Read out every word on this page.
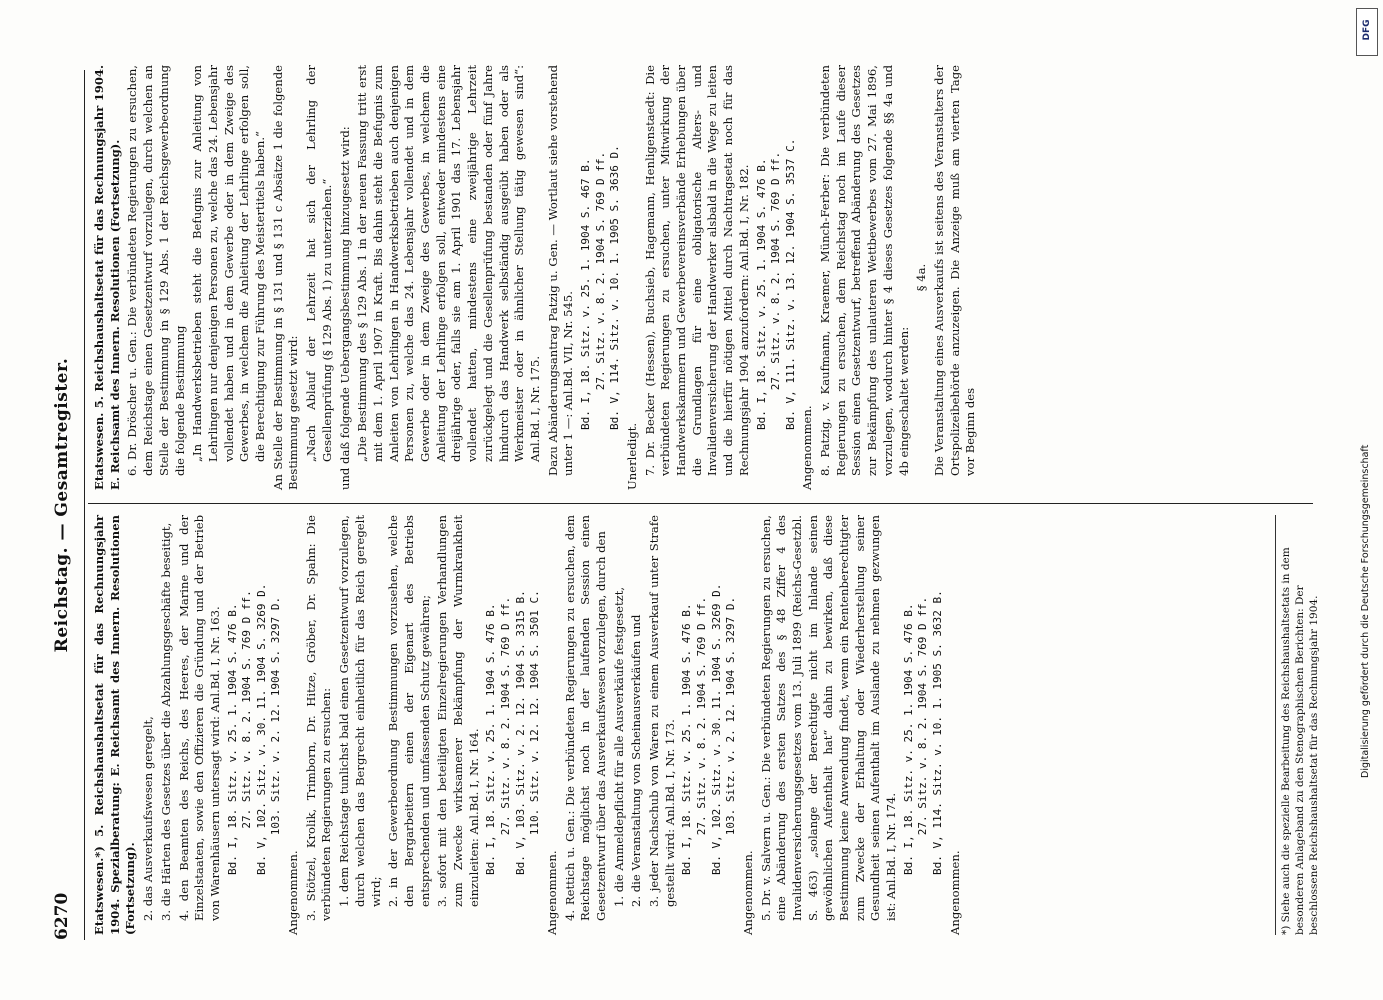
6270
Reichstag. — Gesamtregister.

Etatswesen.*) 5. Reichshaushaltsetat für das Rechnungsjahr 1904. Spezialberatung: E. Reichsamt des Innern. Resolutionen (Fortsetzung). 2. das Ausverkaufswesen geregelt, 3. die Härten des Gesetzes über die Abzahlungsgeschäfte beseitigt, 4. den Beamten des Reichs, des Heeres, der Marine und der Einzelstaaten, sowie den Offizieren die Gründung und der Betrieb von Warenhäusern untersagt wird: Anl.Bd. I, Nr. 163. Bd. I, 18. Sitz. v. 25. 1. 1904 S. 476 B.
27. Sitz. v. 8. 2. 1904 S. 769 D ff.
Bd. V, 102. Sitz. v. 30. 11. 1904 S. 3269 D.
103. Sitz. v. 2. 12. 1904 S. 3297 D.

Angenommen. 3. Stötzel, Krolik, Trimborn, Dr. Hitze, Gröber, Dr. Spahn: Die verbündeten Regierungen zu ersuchen: 1. dem Reichstage tunlichst bald einen Gesetzentwurf vorzulegen, durch welchen das Bergrecht einheitlich für das Reich geregelt wird; 2. in der Gewerbeordnung Bestimmungen vorzusehen, welche den Bergarbeitern einen der Eigenart des Betriebs entsprechenden und umfassenden Schutz gewähren; 3. sofort mit den beteiligten Einzelregierungen Verhandlungen zum Zwecke wirksamerer Bekämpfung der Wurmkrankheit einzuleiten: Anl.Bd. I, Nr. 164. Bd. I, 18. Sitz. v. 25. 1. 1904 S. 476 B.
27. Sitz. v. 8. 2. 1904 S. 769 D ff.
Bd. V, 103. Sitz. v. 2. 12. 1904 S. 3315 B.
110. Sitz. v. 12. 12. 1904 S. 3501 C.

Angenommen. 4. Rettich u. Gen.: Die verbündeten Regierungen zu ersuchen, dem Reichstage möglichst noch in der laufenden Session einen Gesetzentwurf über das Ausverkaufswesen vorzulegen, durch den 1. die Anmeldepflicht für alle Ausverkäufe festgesetzt, 2. die Veranstaltung von Scheinausverkäufen und 3. jeder Nachschub von Waren zu einem Ausverkauf unter Strafe gestellt wird: Anl.Bd. I, Nr. 173. Bd. I, 18. Sitz. v. 25. 1. 1904 S. 476 B.
27. Sitz. v. 8. 2. 1904 S. 769 D ff.
Bd. V, 102. Sitz. v. 30. 11. 1904 S. 3269 D.
103. Sitz. v. 2. 12. 1904 S. 3297 D.

Angenommen. 5. Dr. v. Salvern u. Gen.: Die verbündeten Regierungen zu ersuchen, eine Abänderung des ersten Satzes des § 48 Ziffer 4 des Invalidenversicherungsgesetzes vom 13. Juli 1899 (Reichs-Gesetzbl. S. 463) „solange der Berechtigte nicht im Inlande seinen gewöhnlichen Aufenthalt hat“ dahin zu bewirken, daß diese Bestimmung keine Anwendung findet, wenn ein Rentenberechtigter zum Zwecke der Erhaltung oder Wiederherstellung seiner Gesundheit seinen Aufenthalt im Auslande zu nehmen gezwungen ist: Anl.Bd. I, Nr. 174. Bd. I, 18. Sitz. v. 25. 1. 1904 S. 476 B.
27. Sitz. v. 8. 2. 1904 S. 769 D ff.
Bd. V, 114. Sitz. v. 10. 1. 1905 S. 3632 B.

Angenommen.	*) Siehe auch die spezielle Bearbeitung des Reichshaushaltsetats in dem besonderen Anlageband zu den Stenographischen Berichten: Der beschlossene Reichshaushaltsetat für das Rechnungsjahr 1904.

Etatswesen. 5. Reichshaushaltsetat für das Rechnungsjahr 1904. E. Reichsamt des Innern. Resolutionen (Fortsetzung). 6. Dr. Dröscher u. Gen.: Die verbündeten Regierungen zu ersuchen, dem Reichstage einen Gesetzentwurf vorzulegen, durch welchen an Stelle der Bestimmung in § 129 Abs. 1 der Reichsgewerbeordnung die folgende Bestimmung „In Handwerksbetrieben steht die Befugnis zur Anleitung von Lehrlingen nur denjenigen Personen zu, welche das 24. Lebensjahr vollendet haben und in dem Gewerbe oder in dem Zweige des Gewerbes, in welchem die Anleitung der Lehrlinge erfolgen soll, die Berechtigung zur Führung des Meistertitels haben.“ An Stelle der Bestimmung in § 131 und § 131 c Absätze 1 die folgende Bestimmung gesetzt wird: „Nach Ablauf der Lehrzeit hat sich der Lehrling der Gesellenprüfung (§ 129 Abs. 1) zu unterziehen.“ und daß folgende Uebergangsbestimmung hinzugesetzt wird: „Die Bestimmung des § 129 Abs. 1 in der neuen Fassung tritt erst mit dem 1. April 1907 in Kraft. Bis dahin steht die Befugnis zum Anleiten von Lehrlingen in Handwerksbetrieben auch denjenigen Personen zu, welche das 24. Lebensjahr vollendet und in dem Gewerbe oder in dem Zweige des Gewerbes, in welchem die Anleitung der Lehrlinge erfolgen soll, entweder mindestens eine dreijährige oder, falls sie am 1. April 1901 das 17. Lebensjahr vollendet hatten, mindestens eine zweijährige Lehrzeit zurückgelegt und die Gesellenprüfung bestanden oder fünf Jahre hindurch das Handwerk selbständig ausgeübt haben oder als Werkmeister oder in ähnlicher Stellung tätig gewesen sind“: Anl.Bd. I, Nr. 175. Dazu Abänderungsantrag Patzig u. Gen. — Wortlaut siehe vorstehend unter 1 —: Anl.Bd. VII, Nr. 545. Bd. I, 18. Sitz. v. 25. 1. 1904 S. 467 B.
27. Sitz. v. 8. 2. 1904 S. 769 D ff.
Bd. V, 114. Sitz. v. 10. 1. 1905 S. 3636 D.

Unerledigt. 7. Dr. Becker (Hessen), Buchsieb, Hagemann, Henligenstaedt: Die verbündeten Regierungen zu ersuchen, unter Mitwirkung der Handwerkskammern und Gewerbevereinsverbände Erhebungen über die Grundlagen für eine obligatorische Alters- und Invalidenversicherung der Handwerker alsbald in die Wege zu leiten und die hierfür nötigen Mittel durch Nachtragsetat noch für das Rechnungsjahr 1904 anzufordern: Anl.Bd. I, Nr. 182. Bd. I, 18. Sitz. v. 25. 1. 1904 S. 476 B.
27. Sitz. v. 8. 2. 1904 S. 769 D ff.
Bd. V, 111. Sitz. v. 13. 12. 1904 S. 3537 C.

Angenommen. 8. Patzig, v. Kaufmann, Kraemer, Münch-Ferber: Die verbündeten Regierungen zu ersuchen, dem Reichstag noch im Laufe dieser Session einen Gesetzentwurf, betreffend Abänderung des Gesetzes zur Bekämpfung des unlauteren Wettbewerbes vom 27. Mai 1896, vorzulegen, wodurch hinter § 4 dieses Gesetzes folgende §§ 4a und 4b eingeschaltet werden:

§ 4a. Die Veranstaltung eines Ausverkaufs ist seitens des Veranstalters der Ortspolizeibehörde anzuzeigen. Die Anzeige muß am vierten Tage vor Beginn des

DFG
Digitalisierung gefördert durch die Deutsche Forschungsgemeinschaft
